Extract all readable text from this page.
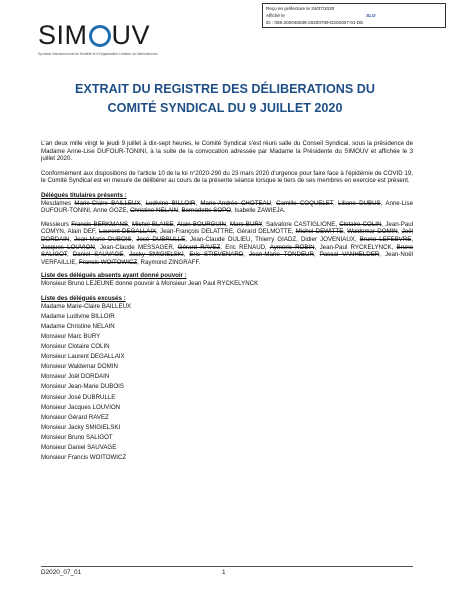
Reçu en préfecture le 24/07/2020
Affiché le	SLO
ID : 059-200046639-20200709-D202007-01-DE
SIM UV
Syndicat Intercommunal de Mobilité et d'Organisation Urbaine du Valenciennois
EXTRAIT DU REGISTRE DES DÉLIBERATIONS DU
COMITÉ SYNDICAL DU 9 JUILLET 2020

L'an deux mille vingt le jeudi 9 juillet à dix-sept heures, le Comité Syndical s'est réuni salle du Conseil Syndical, sous la présidence de Madame Anne-Lise DUFOUR-TONINI, à la suite de la convocation adressée par Madame la Présidente du SIMOUV et affichée le 3 juillet 2020.

Conformément aux dispositions de l'article 10 de la loi n°2020-290 du 23 mars 2020 d'urgence pour faire face à l'épidémie de COVID 19, le Comité Syndical est en mesure de délibérer au cours de la présente séance lorsque le tiers de ses membres en exercice est présent.

Délégués titulaires présents :

Mesdames Marie-Claire BAILLEUX, Ludivine BILLOIR, Marie-Andrée CHOTEAU, Camille COQUELET, Liliane DUBUS, Anne-Lise DUFOUR-TONINI, Anne GOZE, Christine NELAIN, Bernadette SOPO, Isabelle ZAWIEJA.

Messieurs Francis BERKMANS, Michel BLAISE, Alain BOURGUIN, Marc BURY, Salvatore CASTIGLIONE, Clotaire COLIN, Jean-Paul COMYN, Alain DEF, Laurent DEGALLAIX, Jean-François DELATTRE, Gérard DELMOTTE, Michel DEWITTE, Waldemar DOMIN, Joël DORDAIN, Jean-Marie DUBOIS, José DUBRULLE, Jean-Claude DULIEU, Thierry GIADZ, Didier JOVENIAUX, Bruno LEFEBVRE, Jacques LOUVION, Jean-Claude MESSAGER, Gérard RAVEZ, Eric RENAUD, Aymeric ROBIN, Jean-Paul RYCKELYNCK, Bruno SALIGOT, Daniel SAUVAGE, Jacky SMIGIELSKI, Eric STIEVENARD, Jean-Marie TONDEUR, Pascal VANHELDER, Jean-Noël VERFAILLIE, Francis WOITOWICZ, Raymond ZINGRAFF.

Liste des délégués absents ayant donné pouvoir :

Monsieur Bruno LEJEUNE donne pouvoir à Monsieur Jean Paul RYCKELYNCK

Liste des délégués excusés :
Madame Marie-Claire BAILLEUX
Madame Ludivine BILLOIR
Madame Christine NELAIN
Monsieur Marc BURY
Monsieur Clotaire COLIN
Monsieur Laurent DEGALLAIX
Monsieur Waldemar DOMIN
Monsieur Joël DORDAIN
Monsieur Jean-Marie DUBOIS
Monsieur José DUBRULLE
Monsieur Jacques LOUVION
Monsieur Gérard RAVEZ
Monsieur Jacky SMIGIELSKI
Monsieur Bruno SALIGOT
Monsieur Daniel SAUVAGE
Monsieur Francis WOITOWICZ
D2020_07_01	1
